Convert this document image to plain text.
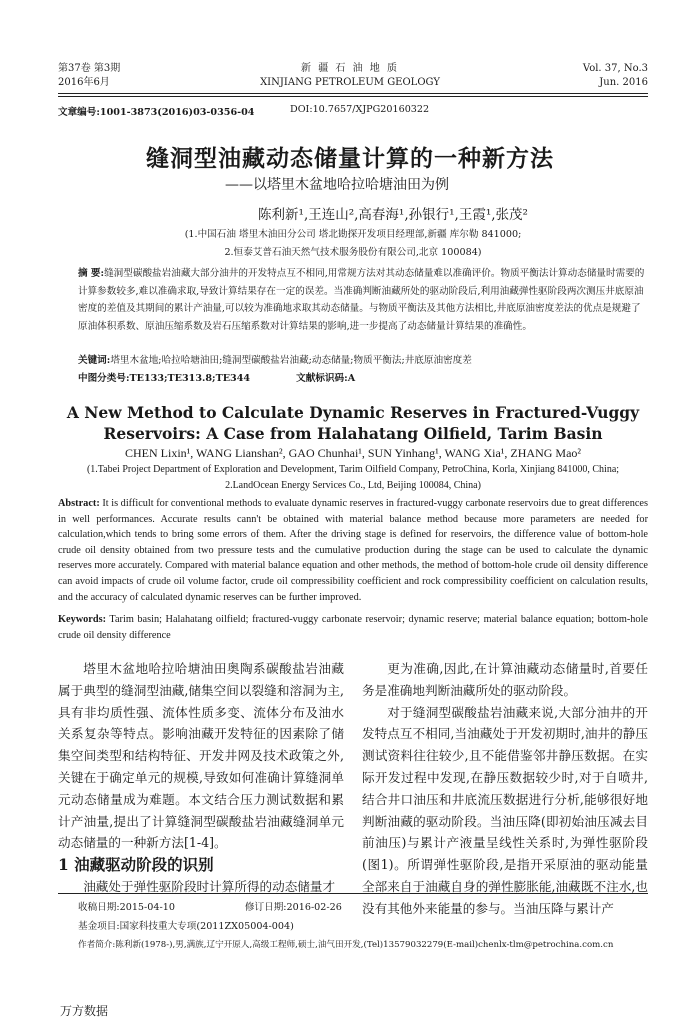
第37卷 第3期
2016年6月
新 疆 石 油 地 质
XINJIANG PETROLEUM GEOLOGY
Vol. 37, No.3
Jun. 2016
文章编号:1001-3873(2016)03-0356-04	DOI:10.7657/XJPG20160322
缝洞型油藏动态储量计算的一种新方法
——以塔里木盆地哈拉哈塘油田为例
陈利新¹,王连山²,高春海¹,孙银行¹,王霞¹,张茂²
(1.中国石油 塔里木油田分公司 塔北勘探开发项目经理部,新疆 库尔勒 841000;
2.恒泰艾普石油天然气技术服务股份有限公司,北京 100084)
摘 要:缝洞型碳酸盐岩油藏大部分油井的开发特点互不相同,用常规方法对其动态储量难以准确评价。物质平衡法计算动态储量时需要的计算参数较多,难以准确求取,导致计算结果存在一定的误差。当准确判断油藏所处的驱动阶段后,利用油藏弹性驱阶段两次测压井底原油密度的差值及其期间的累计产油量,可以较为准确地求取其动态储量。与物质平衡法及其他方法相比,井底原油密度差法的优点是规避了原油体积系数、原油压缩系数及岩石压缩系数对计算结果的影响,进一步提高了动态储量计算结果的准确性。
关键词:塔里木盆地;哈拉哈塘油田;缝洞型碳酸盐岩油藏;动态储量;物质平衡法;井底原油密度差
中图分类号:TE133;TE313.8;TE344	文献标识码:A
A New Method to Calculate Dynamic Reserves in Fractured-Vuggy Reservoirs: A Case from Halahatang Oilfield, Tarim Basin
CHEN Lixin¹, WANG Lianshan², GAO Chunhai¹, SUN Yinhang¹, WANG Xia¹, ZHANG Mao²
(1.Tabei Project Department of Exploration and Development, Tarim Oilfield Company, PetroChina, Korla, Xinjiang 841000, China;
2.LandOcean Energy Services Co., Ltd, Beijing 100084, China)
Abstract: It is difficult for conventional methods to evaluate dynamic reserves in fractured-vuggy carbonate reservoirs due to great differences in well performances. Accurate results cann't be obtained with material balance method because more parameters are needed for calculation,which tends to bring some errors of them. After the driving stage is defined for reservoirs, the difference value of bottom-hole crude oil density obtained from two pressure tests and the cumulative production during the stage can be used to calculate the dynamic reserves more accurately. Compared with material balance equation and other methods, the method of bottom-hole crude oil density difference can avoid impacts of crude oil volume factor, crude oil compressibility coefficient and rock compressibility coefficient on calculation results, and the accuracy of calculated dynamic reserves can be further improved.
Keywords: Tarim basin; Halahatang oilfield; fractured-vuggy carbonate reservoir; dynamic reserve; material balance equation; bottom-hole crude oil density difference

塔里木盆地哈拉哈塘油田奥陶系碳酸盐岩油藏属于典型的缝洞型油藏,储集空间以裂缝和溶洞为主,具有非均质性强、流体性质多变、流体分布及油水关系复杂等特点。影响油藏开发特征的因素除了储集空间类型和结构特征、开发井网及技术政策之外,关键在于确定单元的规模,导致如何准确计算缝洞单元动态储量成为难题。本文结合压力测试数据和累计产油量,提出了计算缝洞型碳酸盐岩油藏缝洞单元动态储量的一种新方法[1-4]。

1 油藏驱动阶段的识别

油藏处于弹性驱阶段时计算所得的动态储量才

更为准确,因此,在计算油藏动态储量时,首要任务是准确地判断油藏所处的驱动阶段。

对于缝洞型碳酸盐岩油藏来说,大部分油井的开发特点互不相同,当油藏处于开发初期时,油井的静压测试资料往往较少,且不能借鉴邻井静压数据。在实际开发过程中发现,在静压数据较少时,对于自喷井,结合井口油压和井底流压数据进行分析,能够很好地判断油藏的驱动阶段。当油压降(即初始油压减去目前油压)与累计产液量呈线性关系时,为弹性驱阶段(图1)。所谓弹性驱阶段,是指开采原油的驱动能量全部来自于油藏自身的弹性膨胀能,油藏既不注水,也没有其他外来能量的参与。当油压降与累计产

收稿日期:2015-04-10	修订日期:2016-02-26
基金项目:国家科技重大专项(2011ZX05004-004)
作者简介:陈利新(1978-),男,满族,辽宁开原人,高级工程师,硕士,油气田开发,(Tel)13579032279(E-mail)chenlx-tlm@petrochina.com.cn
万方数据
